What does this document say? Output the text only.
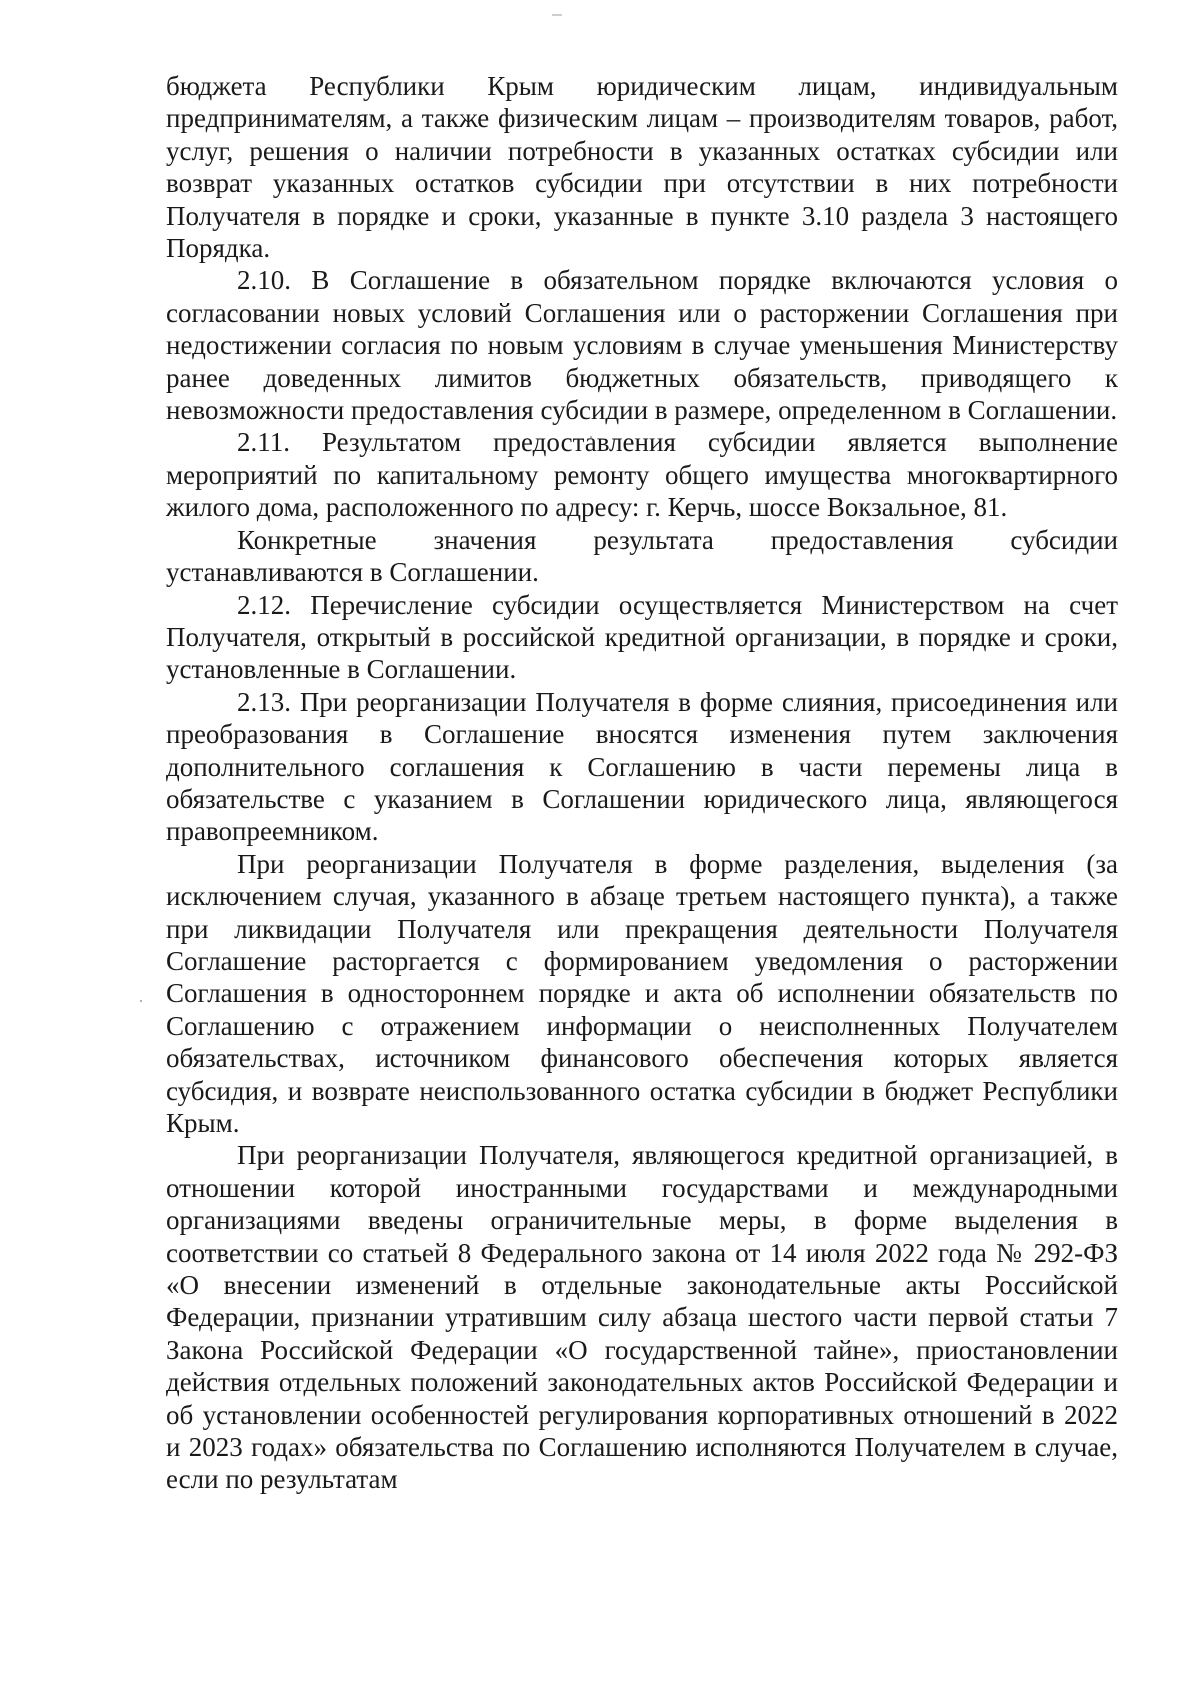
бюджета Республики Крым юридическим лицам, индивидуальным предпринимателям, а также физическим лицам – производителям товаров, работ, услуг, решения о наличии потребности в указанных остатках субсидии или возврат указанных остатков субсидии при отсутствии в них потребности Получателя в порядке и сроки, указанные в пункте 3.10 раздела 3 настоящего Порядка.

2.10. В Соглашение в обязательном порядке включаются условия о согласовании новых условий Соглашения или о расторжении Соглашения при недостижении согласия по новым условиям в случае уменьшения Министерству ранее доведенных лимитов бюджетных обязательств, приводящего к невозможности предоставления субсидии в размере, определенном в Соглашении.

2.11. Результатом предоставления субсидии является выполнение мероприятий по капитальному ремонту общего имущества многоквартирного жилого дома, расположенного по адресу: г. Керчь, шоссе Вокзальное, 81.

Конкретные значения результата предоставления субсидии устанавливаются в Соглашении.

2.12. Перечисление субсидии осуществляется Министерством на счет Получателя, открытый в российской кредитной организации, в порядке и сроки, установленные в Соглашении.

2.13. При реорганизации Получателя в форме слияния, присоединения или преобразования в Соглашение вносятся изменения путем заключения дополнительного соглашения к Соглашению в части перемены лица в обязательстве с указанием в Соглашении юридического лица, являющегося правопреемником.

При реорганизации Получателя в форме разделения, выделения (за исключением случая, указанного в абзаце третьем настоящего пункта), а также при ликвидации Получателя или прекращения деятельности Получателя Соглашение расторгается с формированием уведомления о расторжении Соглашения в одностороннем порядке и акта об исполнении обязательств по Соглашению с отражением информации о неисполненных Получателем обязательствах, источником финансового обеспечения которых является субсидия, и возврате неиспользованного остатка субсидии в бюджет Республики Крым.

При реорганизации Получателя, являющегося кредитной организацией, в отношении которой иностранными государствами и международными организациями введены ограничительные меры, в форме выделения в соответствии со статьей 8 Федерального закона от 14 июля 2022 года № 292-ФЗ «О внесении изменений в отдельные законодательные акты Российской Федерации, признании утратившим силу абзаца шестого части первой статьи 7 Закона Российской Федерации «О государственной тайне», приостановлении действия отдельных положений законодательных актов Российской Федерации и об установлении особенностей регулирования корпоративных отношений в 2022 и 2023 годах» обязательства по Соглашению исполняются Получателем в случае, если по результатам
